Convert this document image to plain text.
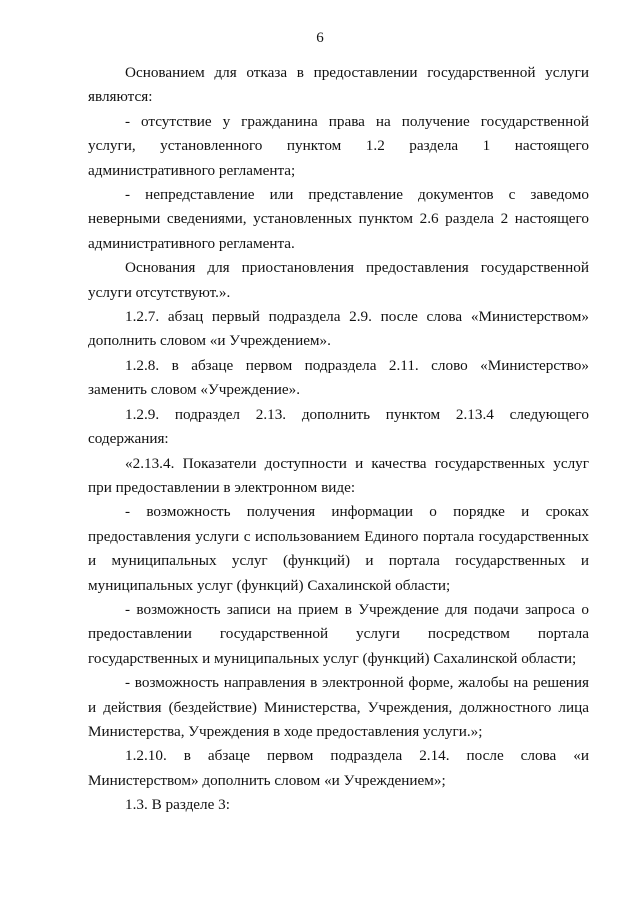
6

Основанием для отказа в предоставлении государственной услуги являются:

- отсутствие у гражданина права на получение государственной услуги, установленного пунктом 1.2 раздела 1 настоящего административного регламента;

- непредставление или представление документов с заведомо неверными сведениями, установленных пунктом 2.6 раздела 2 настоящего административного регламента.

Основания для приостановления предоставления государственной услуги отсутствуют.».

1.2.7. абзац первый подраздела 2.9. после слова «Министерством» дополнить словом «и Учреждением».

1.2.8. в абзаце первом подраздела 2.11. слово «Министерство» заменить словом «Учреждение».

1.2.9. подраздел 2.13. дополнить пунктом 2.13.4 следующего содержания:

«2.13.4. Показатели доступности и качества государственных услуг при предоставлении в электронном виде:

- возможность получения информации о порядке и сроках предоставления услуги с использованием Единого портала государственных и муниципальных услуг (функций) и портала государственных и муниципальных услуг (функций) Сахалинской области;

- возможность записи на прием в Учреждение для подачи запроса о предоставлении государственной услуги посредством портала государственных и муниципальных услуг (функций) Сахалинской области;

- возможность направления в электронной форме, жалобы на решения и действия (бездействие) Министерства, Учреждения, должностного лица Министерства, Учреждения в ходе предоставления услуги.»;

1.2.10. в абзаце первом подраздела 2.14. после слова «и Министерством» дополнить словом «и Учреждением»;

1.3. В разделе 3:
